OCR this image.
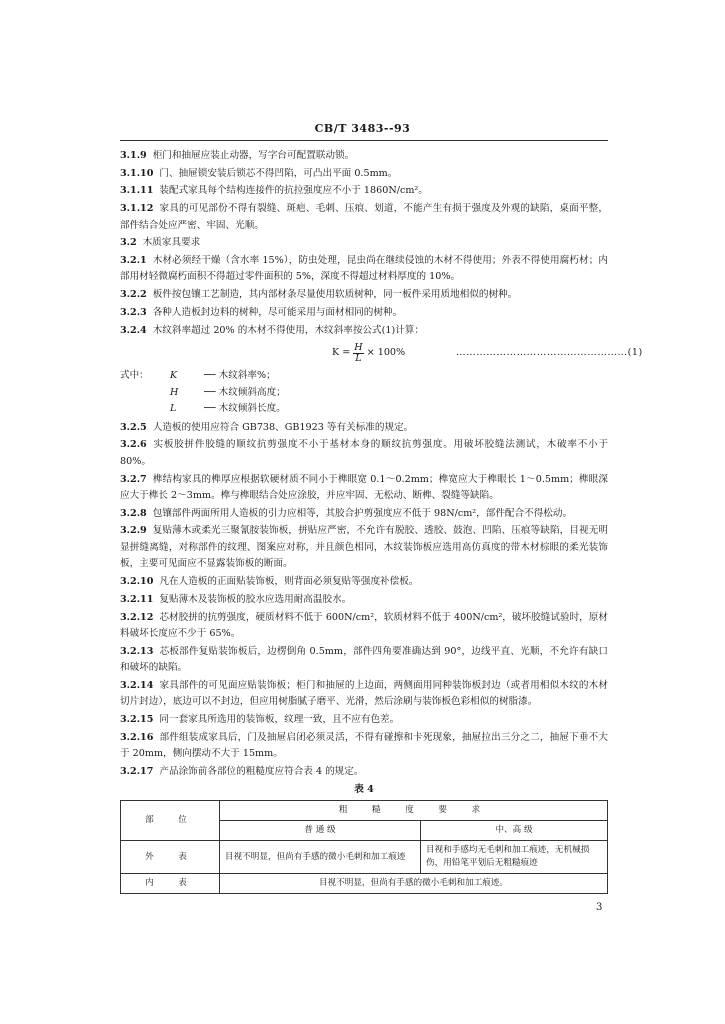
CB/T 3483--93
3.1.9 柜门和抽屉应装止动器，写字台可配置联动锁。
3.1.10 门、抽屉锁安装后锁芯不得凹陷，可凸出平面 0.5mm。
3.1.11 装配式家具每个结构连接件的抗拉强度应不小于 1860N/cm²。
3.1.12 家具的可见部份不得有裂缝、斑疤、毛刺、压痕、划道，不能产生有损于强度及外观的缺陷，桌面平整，部件结合处应严密、牢固、光顺。
3.2 木质家具要求
3.2.1 木材必须经干燥（含水率 15%），防虫处理，昆虫尚在继续侵蚀的木材不得使用；外表不得使用腐朽材；内部用材轻微腐朽面积不得超过零件面积的 5%，深度不得超过材料厚度的 10%。
3.2.2 板件按包镶工艺制造，其内部材条尽量使用软质树种，同一板件采用质地相似的树种。
3.2.3 各种人造板封边料的树种，尽可能采用与面材相同的树种。
3.2.4 木纹斜率超过 20% 的木材不得使用，木纹斜率按公式(1)计算：
$K = \frac{H}{L} \times 100\%$	……………………………………………(1)
式中：	K	── 木纹斜率%；
H	── 木纹倾斜高度；
L	── 木纹倾斜长度。
3.2.5 人造板的使用应符合 GB738、GB1923 等有关标准的规定。
3.2.6 实板胶拼件胶缝的顺纹抗剪强度不小于基材本身的顺纹抗剪强度。用破坏胶缝法测试，木破率不小于 80%。
3.2.7 榫结构家具的榫厚应根据软硬材质不同小于榫眼宽 0.1～0.2mm；榫宽应大于榫眼长 1～0.5mm；榫眼深应大于榫长 2～3mm。榫与榫眼结合处应涂胶，并应牢固、无松动、断榫、裂缝等缺陷。
3.2.8 包镶部件两面所用人造板的引力应相等，其胶合护剪强度应不低于 98N/cm²，部件配合不得松动。
3.2.9 复贴薄木或柔光三聚氰胺装饰板，拼贴应严密，不允许有脱胶、透胶、鼓泡、凹陷、压痕等缺陷，目视无明显拼缝离缝，对称部件的纹理、图案应对称，并且颜色相同，木纹装饰板应选用高仿真度的带木材棕眼的柔光装饰板，主要可见面应不显露装饰板的断面。
3.2.10 凡在人造板的正面贴装饰板，则背面必须复贴等强度补偿板。
3.2.11 复贴薄木及装饰板的胶水应选用耐高温胶水。
3.2.12 芯材胶拼的抗剪强度，硬质材料不低于 600N/cm²，软质材料不低于 400N/cm²，破坏胶缝试验时，原材料破坏长度应不少于 65%。
3.2.13 芯板部件复贴装饰板后，边楞倒角 0.5mm，部件四角要准确达到 90°，边线平直、光顺，不允许有缺口和破坏的缺陷。
3.2.14 家具部件的可见面应贴装饰板；柜门和抽屉的上边面，两侧面用同种装饰板封边（或者用相似木纹的木材切片封边），底边可以不封边，但应用树脂腻子磨平、光滑，然后涂刷与装饰板色彩相似的树脂漆。
3.2.15 同一套家具所选用的装饰板，纹理一致，且不应有色差。
3.2.16 部件组装成家具后，门及抽屉启闭必须灵活，不得有碰擦和卡死现象，抽屉拉出三分之二，抽屉下垂不大于 20mm，侧向摆动不大于 15mm。
3.2.17 产品涂饰前各部位的粗糙度应符合表 4 的规定。
表 4
部　位	粗　糙　度　要　求	
	普 通 级	中、高 级
外　表	目视不明显，但尚有手感的微小毛刺和加工痕迹	目视和手感均无毛刺和加工痕迹，无机械损伤，用铅笔平划后无粗糙痕迹
内　表	目视不明显，但尚有手感的微小毛刺和加工痕迹。	
3
